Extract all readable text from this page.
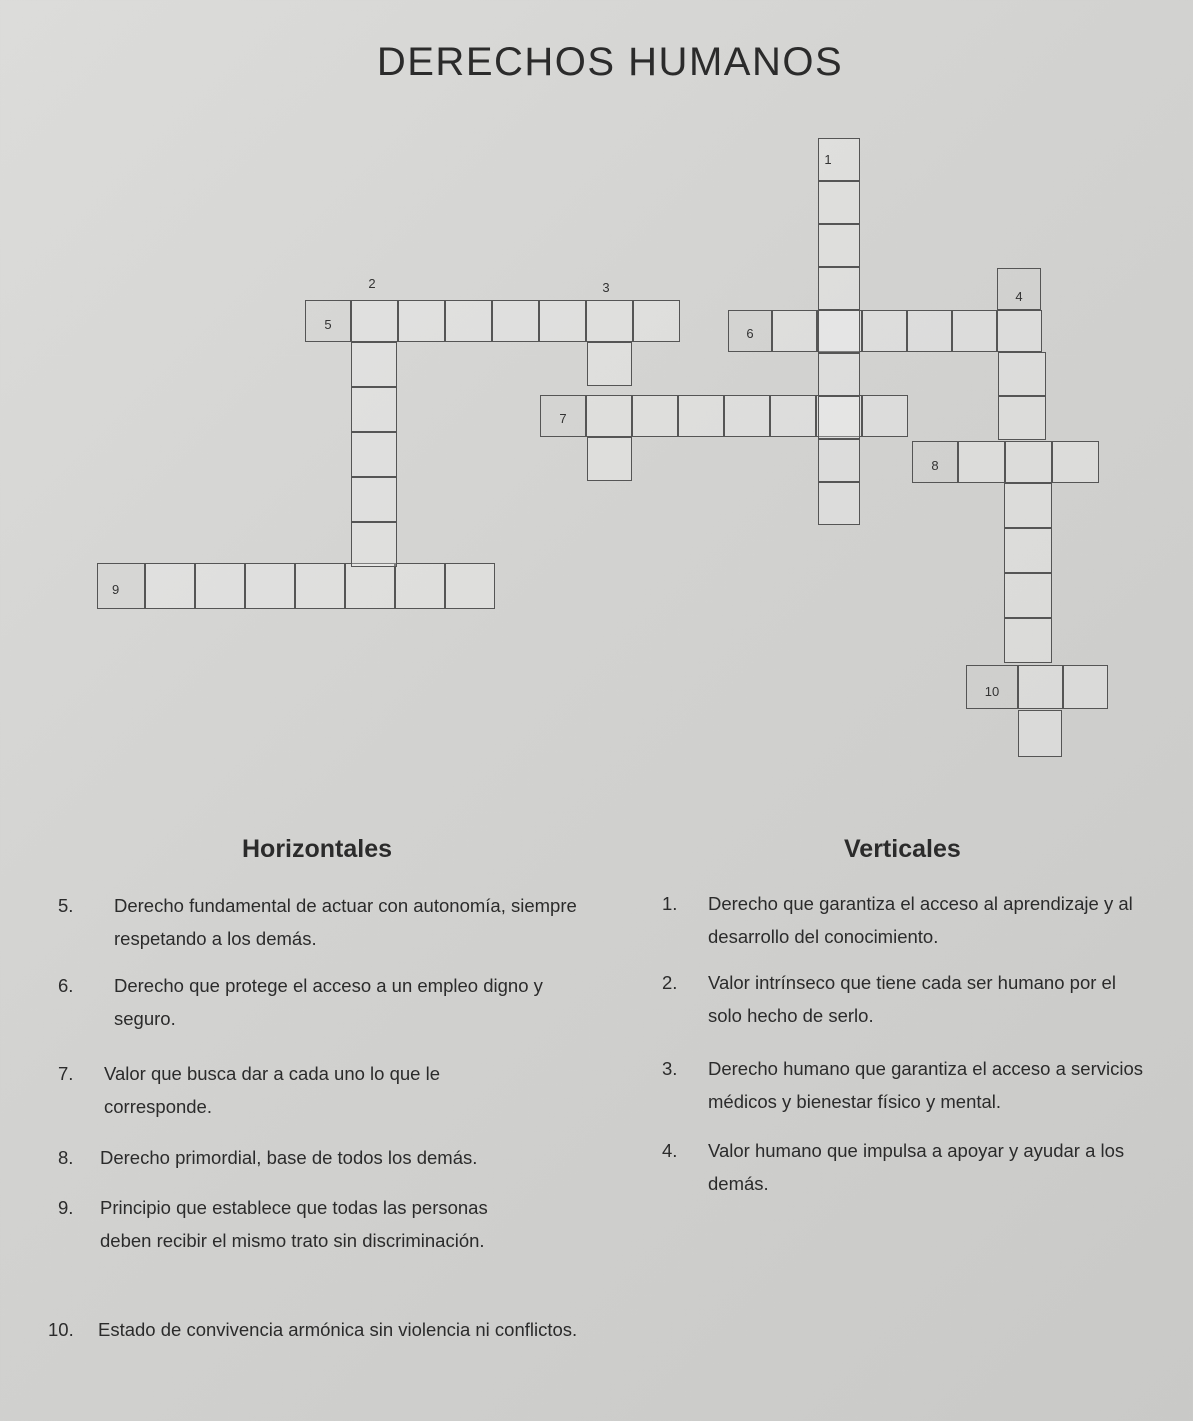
DERECHOS HUMANOS
1
2	3
4
5
6
7
8
9
10
Horizontales	Verticales
5.	Derecho fundamental de actuar con autonomía, siempre respetando a los demás.
6.	Derecho que protege el acceso a un empleo digno y seguro.
7.	Valor que busca dar a cada uno lo que le corresponde.
8.	Derecho primordial, base de todos los demás.
9.	Principio que establece que todas las personas deben recibir el mismo trato sin discriminación.
10.	Estado de convivencia armónica sin violencia ni conflictos.
1.	Derecho que garantiza el acceso al aprendizaje y al desarrollo del conocimiento.
2.	Valor intrínseco que tiene cada ser humano por el solo hecho de serlo.
3.	Derecho humano que garantiza el acceso a servicios médicos y bienestar físico y mental.
4.	Valor humano que impulsa a apoyar y ayudar a los demás.
